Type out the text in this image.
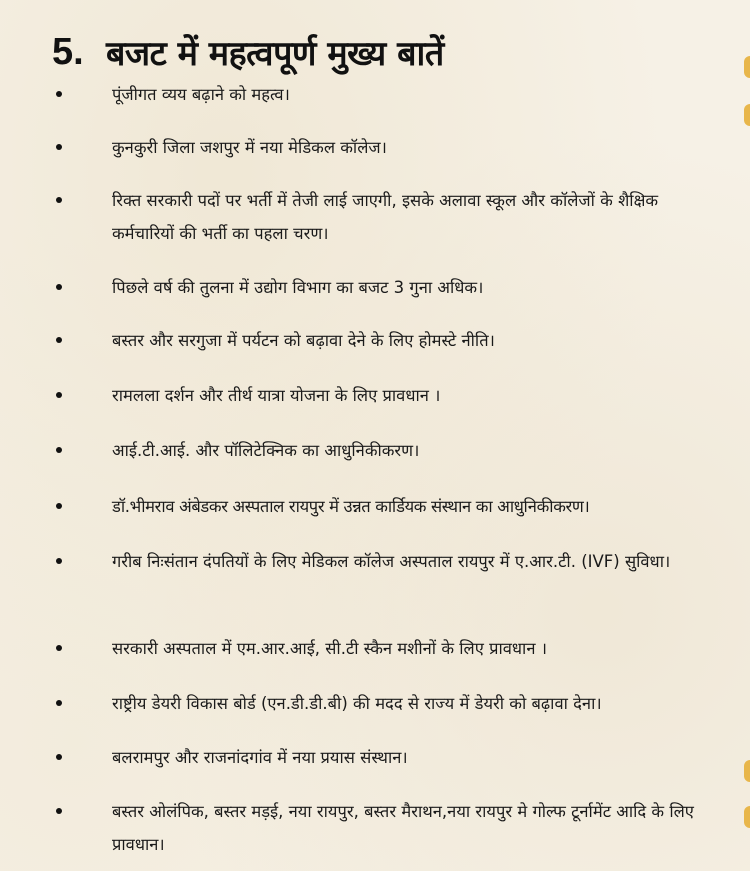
5. बजट में महत्वपूर्ण मुख्य बातें
पूंजीगत व्यय बढ़ाने को महत्व।
कुनकुरी जिला जशपुर में नया मेडिकल कॉलेज।
रिक्त सरकारी पदों पर भर्ती में तेजी लाई जाएगी, इसके अलावा स्कूल और कॉलेजों के शैक्षिक कर्मचारियों की भर्ती का पहला चरण।
पिछले वर्ष की तुलना में उद्योग विभाग का बजट 3 गुना अधिक।
बस्तर और सरगुजा में पर्यटन को बढ़ावा देने के लिए होमस्टे नीति।
रामलला दर्शन और तीर्थ यात्रा योजना के लिए प्रावधान ।
आई.टी.आई. और पॉलिटेक्निक का आधुनिकीकरण।
डॉ.भीमराव अंबेडकर अस्पताल रायपुर में उन्नत कार्डियक संस्थान का आधुनिकीकरण।
गरीब निःसंतान दंपतियों के लिए मेडिकल कॉलेज अस्पताल रायपुर में ए.आर.टी. (IVF) सुविधा।
सरकारी अस्पताल में एम.आर.आई, सी.टी स्कैन मशीनों के लिए प्रावधान ।
राष्ट्रीय डेयरी विकास बोर्ड (एन.डी.डी.बी) की मदद से राज्य में डेयरी को बढ़ावा देना।
बलरामपुर और राजनांदगांव में नया प्रयास संस्थान।
बस्तर ओलंपिक, बस्तर मड़ई, नया रायपुर, बस्तर मैराथन,नया रायपुर मे गोल्फ टूर्नामेंट आदि के लिए प्रावधान।
